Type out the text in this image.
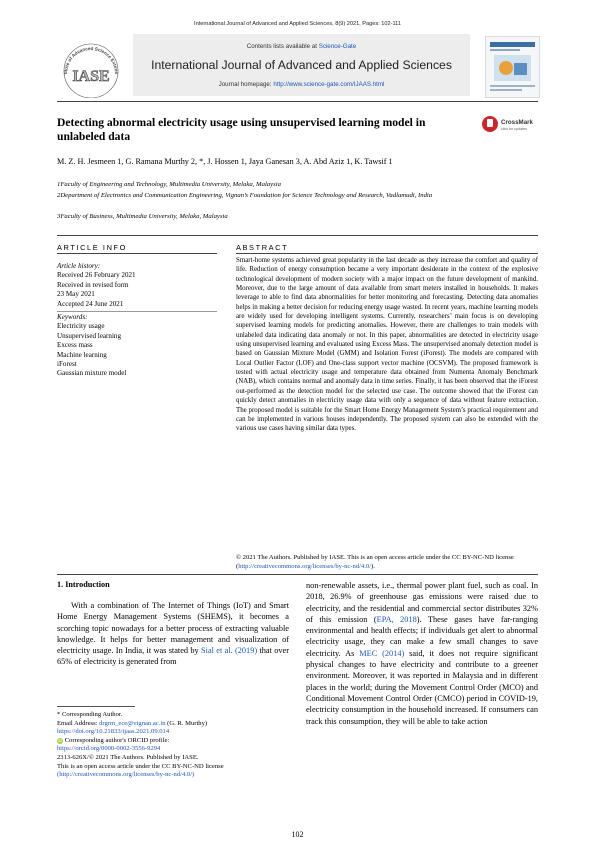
International Journal of Advanced and Applied Sciences, 8(9) 2021, Pages: 102-111
titute of Advanced Science Extens
IASE
Contents lists available at Science-Gate
International Journal of Advanced and Applied Sciences
Journal homepage: http://www.science-gate.com/IJAAS.html
Detecting abnormal electricity usage using unsupervised learning model in unlabeled data
CrossMark
click for updates
M. Z. H. Jesmeen 1, G. Ramana Murthy 2, *, J. Hossen 1, Jaya Ganesan 3, A. Abd Aziz 1, K. Tawsif 1
1Faculty of Engineering and Technology, Multimedia University, Melaka, Malaysia
2Department of Electronics and Communication Engineering, Vignan’s Foundation for Science Technology and Research, Vadlamudi, India
3Faculty of Business, Multimedia University, Melaka, Malaysia
ARTICLE INFO	ABSTRACT
Article history:
Received 26 February 2021
Received in revised form
23 May 2021
Accepted 24 June 2021
Keywords:
Electricity usage
Unsupervised learning
Excess mass
Machine learning
iForest
Gaussian mixture model
Smart-home systems achieved great popularity in the last decade as they increase the comfort and quality of life. Reduction of energy consumption became a very important desiderate in the context of the explosive technological development of modern society with a major impact on the future development of mankind. Moreover, due to the large amount of data available from smart meters installed in households. It makes leverage to able to find data abnormalities for better monitoring and forecasting. Detecting data anomalies helps in making a better decision for reducing energy usage wasted. In recent years, machine learning models are widely used for developing intelligent systems. Currently, researchers’ main focus is on developing supervised learning models for predicting anomalies. However, there are challenges to train models with unlabeled data indicating data anomaly or not. In this paper, abnormalities are detected in electricity usage using unsupervised learning and evaluated using Excess Mass. The unsupervised anomaly detection model is based on Gaussian Mixture Model (GMM) and Isolation Forest (iForest). The models are compared with Local Outlier Factor (LOF) and One-class support vector machine (OCSVM). The proposed framework is tested with actual electricity usage and temperature data obtained from Numenta Anomaly Benchmark (NAB), which contains normal and anomaly data in time series. Finally, it has been observed that the iForest out-performed as the detection model for the selected use case. The outcome showed that the iForest can quickly detect anomalies in electricity usage data with only a sequence of data without feature extraction. The proposed model is suitable for the Smart Home Energy Management System’s practical requirement and can be implemented in various houses independently. The proposed system can also be extended with the various use cases having similar data types.
© 2021 The Authors. Published by IASE. This is an open access article under the CC BY-NC-ND license (http://creativecommons.org/licenses/by-nc-nd/4.0/).
1. Introduction

With a combination of The Internet of Things (IoT) and Smart Home Energy Management Systems (SHEMS), it becomes a scorching topic nowadays for a better process of extracting valuable knowledge. It helps for better management and visualization of electricity usage. In India, it was stated by Sial et al. (2019) that over 65% of electricity is generated from

non-renewable assets, i.e., thermal power plant fuel, such as coal. In 2018, 26.9% of greenhouse gas emissions were raised due to electricity, and the residential and commercial sector distributes 32% of this emission (EPA, 2018). These gases have far-ranging environmental and health effects; if individuals get alert to abnormal electricity usage, they can make a few small changes to save electricity. As MEC (2014) said, it does not require significant physical changes to have electricity and contribute to a greener environment. Moreover, it was reported in Malaysia and in different places in the world; during the Movement Control Order (MCO) and Conditional Movement Control Order (CMCO) period in COVID-19, electricity consumption in the household increased. If consumers can track this consumption, they will be able to take action

* Corresponding Author.
Email Address: drgrm_ece@vignan.ac.in (G. R. Murthy)
https://doi.org/10.21833/ijaas.2021.09.014
iD Corresponding author's ORCID profile:
https://orcid.org/0000-0002-3556-9294
2313-626X/© 2021 The Authors. Published by IASE.
This is an open access article under the CC BY-NC-ND license
(http://creativecommons.org/licenses/by-nc-nd/4.0/)
102
